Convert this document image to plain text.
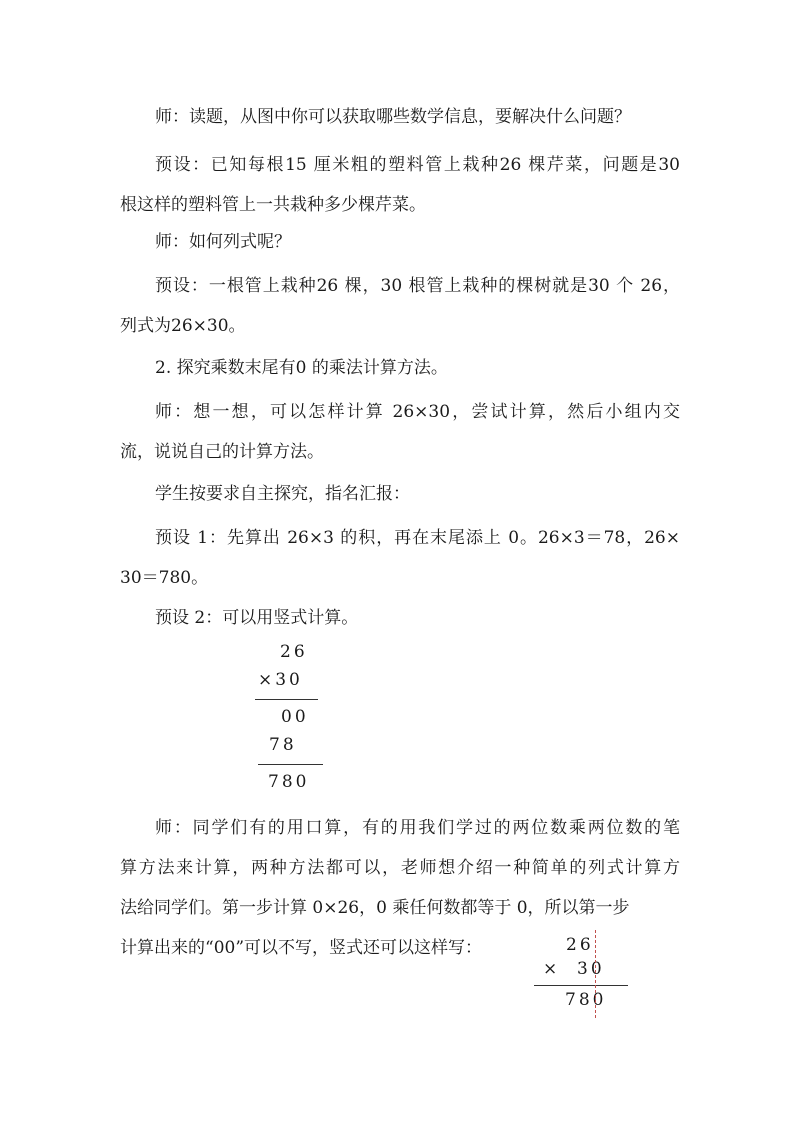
师：读题，从图中你可以获取哪些数学信息，要解决什么问题？
预设：已知每根15 厘米粗的塑料管上栽种26 棵芹菜，问题是30
根这样的塑料管上一共栽种多少棵芹菜。
师：如何列式呢？
预设：一根管上栽种26 棵，30 根管上栽种的棵树就是30 个 26，
列式为26×30。
2. 探究乘数末尾有0 的乘法计算方法。
师：想一想，可以怎样计算 26×30，尝试计算，然后小组内交
流，说说自己的计算方法。
学生按要求自主探究，指名汇报：
预设 1：先算出 26×3 的积，再在末尾添上 0。26×3＝78，26×
30＝780。
预设 2：可以用竖式计算。
26
×30
00
78
780
师：同学们有的用口算，有的用我们学过的两位数乘两位数的笔
算方法来计算，两种方法都可以，老师想介绍一种简单的列式计算方
法给同学们。第一步计算 0×26，0 乘任何数都等于 0，所以第一步
计算出来的“00”可以不写，竖式还可以这样写：	26
×  30
780
